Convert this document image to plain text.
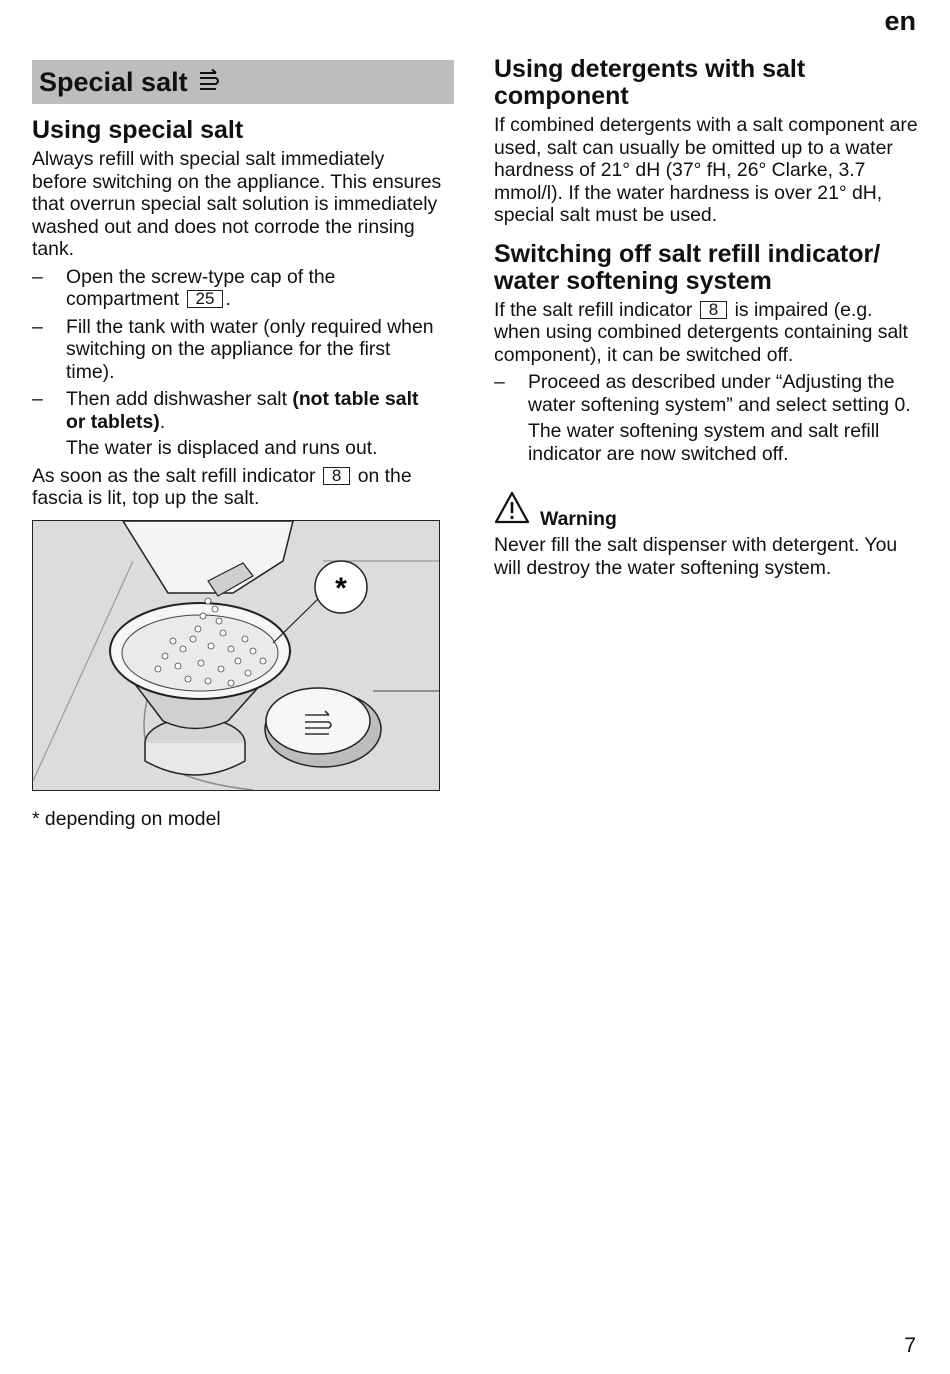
en
Special salt
Using special salt

Always refill with special salt immediately before switching on the appliance. This ensures that overrun special salt solution is immediately washed out and does not corrode the rinsing tank.

– Open the screw-type cap of the compartment 25 .
– Fill the tank with water (only required when switching on the appliance for the first time).
– Then add dishwasher salt (not table salt or tablets).
The water is displaced and runs out.

As soon as the salt refill indicator 8 on the fascia is lit, top up the salt.

*
* depending on model
Using detergents with salt component

If combined detergents with a salt component are used, salt can usually be omitted up to a water hardness of 21° dH (37° fH, 26° Clarke, 3.7 mmol/l). If the water hardness is over 21° dH, special salt must be used.

Switching off salt refill indicator/ water softening system

If the salt refill indicator 8 is impaired (e.g. when using combined detergents containing salt component), it can be switched off.

– Proceed as described under “Adjusting the water softening system” and select setting 0.
The water softening system and salt refill indicator are now switched off.
Warning

Never fill the salt dispenser with detergent. You will destroy the water softening system.

7
